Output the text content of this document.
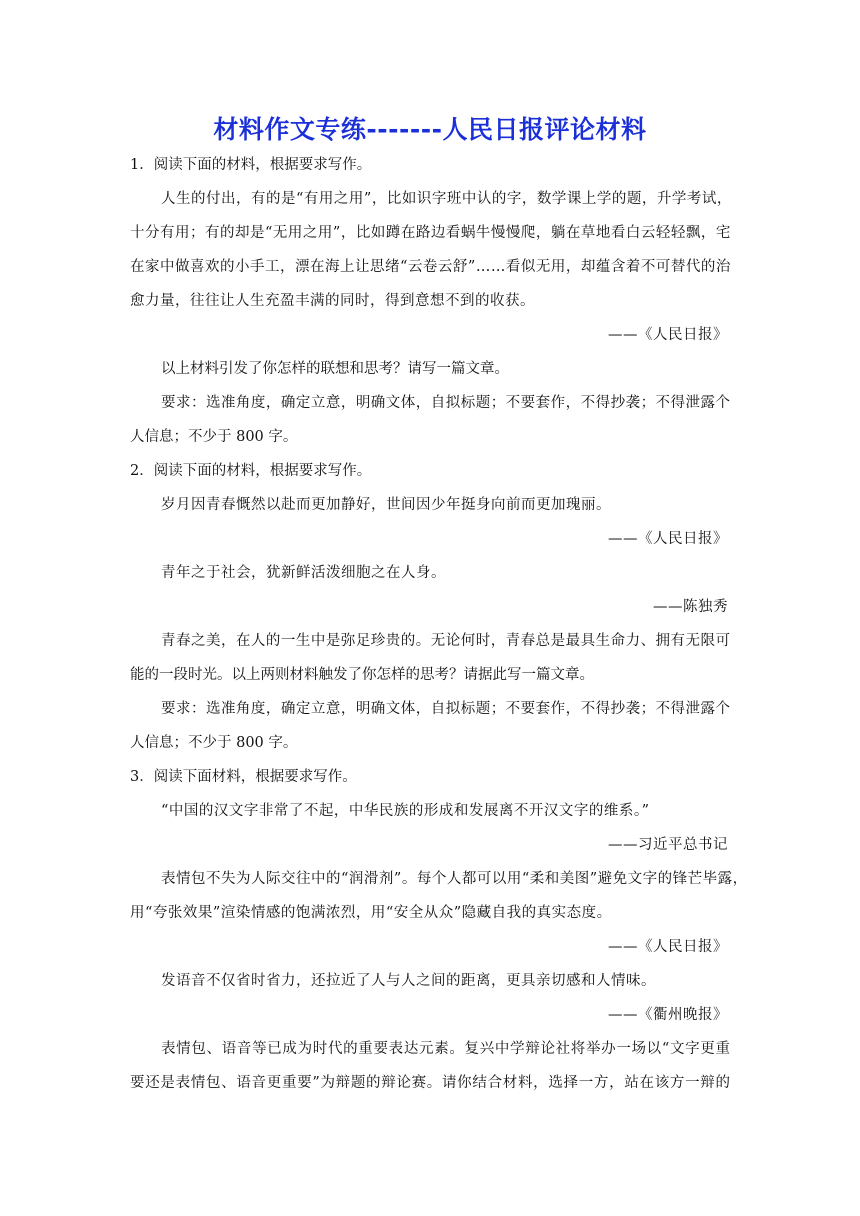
材料作文专练-------人民日报评论材料
1．阅读下面的材料，根据要求写作。
人生的付出，有的是“有用之用”，比如识字班中认的字，数学课上学的题，升学考试，
十分有用；有的却是“无用之用”，比如蹲在路边看蜗牛慢慢爬，躺在草地看白云轻轻飘，宅
在家中做喜欢的小手工，漂在海上让思绪“云卷云舒”……看似无用，却蕴含着不可替代的治
愈力量，往往让人生充盈丰满的同时，得到意想不到的收获。
——《人民日报》
以上材料引发了你怎样的联想和思考？请写一篇文章。
要求：选准角度，确定立意，明确文体，自拟标题；不要套作，不得抄袭；不得泄露个
人信息；不少于 800 字。
2．阅读下面的材料，根据要求写作。
岁月因青春慨然以赴而更加静好，世间因少年挺身向前而更加瑰丽。
——《人民日报》
青年之于社会，犹新鲜活泼细胞之在人身。
——陈独秀
青春之美，在人的一生中是弥足珍贵的。无论何时，青春总是最具生命力、拥有无限可
能的一段时光。以上两则材料触发了你怎样的思考？请据此写一篇文章。
要求：选准角度，确定立意，明确文体，自拟标题；不要套作，不得抄袭；不得泄露个
人信息；不少于 800 字。
3．阅读下面材料，根据要求写作。
“中国的汉文字非常了不起，中华民族的形成和发展离不开汉文字的维系。”
——习近平总书记
表情包不失为人际交往中的“润滑剂”。每个人都可以用“柔和美图”避免文字的锋芒毕露，
用“夸张效果”渲染情感的饱满浓烈，用“安全从众”隐藏自我的真实态度。
——《人民日报》
发语音不仅省时省力，还拉近了人与人之间的距离，更具亲切感和人情味。
——《衢州晚报》
表情包、语音等已成为时代的重要表达元素。复兴中学辩论社将举办一场以“文字更重
要还是表情包、语音更重要”为辩题的辩论赛。请你结合材料，选择一方，站在该方一辩的
